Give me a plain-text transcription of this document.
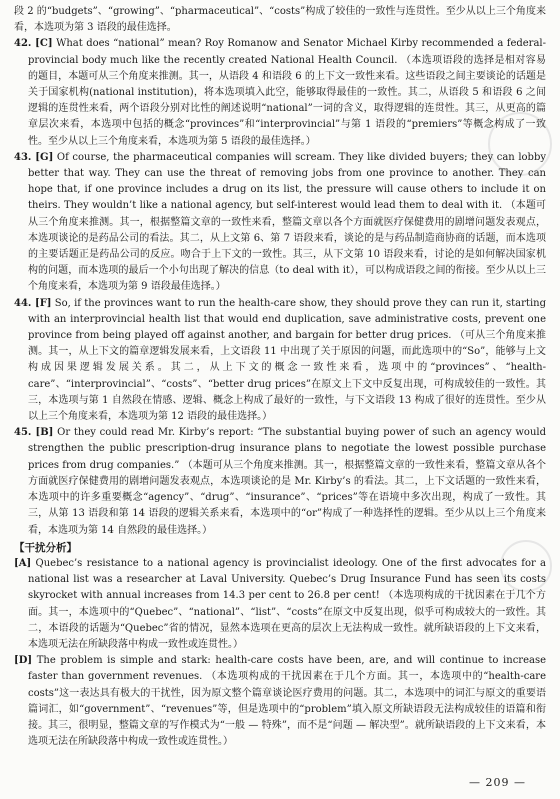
段 2 的“budgets”、“growing”、“pharmaceutical”、“costs”构成了较佳的一致性与连贯性。至少从以上三个角度来看，本选项为第 3 语段的最佳选择。

42. [C] What does “national” mean? Roy Romanow and Senator Michael Kirby recommended a federal-provincial body much like the recently created National Health Council. （本选项语段的选择是相对容易的题目，本题可从三个角度来推测。其一，从语段 4 和语段 6 的上下文一致性来看。这些语段之间主要谈论的话题是关于国家机构(national institution)，将本选项填入此空，能够取得最佳的一致性。其二，从语段 5 和语段 6 之间逻辑的连贯性来看，两个语段分别对比性的阐述说明“national”一词的含义，取得逻辑的连贯性。其三，从更高的篇章层次来看，本选项中包括的概念“provinces”和“interprovincial”与第 1 语段的“premiers”等概念构成了一致性。至少从以上三个角度来看，本选项为第 5 语段的最佳选择。）

43. [G] Of course, the pharmaceutical companies will scream. They like divided buyers; they can lobby better that way. They can use the threat of removing jobs from one province to another. They can hope that, if one province includes a drug on its list, the pressure will cause others to include it on theirs. They wouldn’t like a national agency, but self-interest would lead them to deal with it. （本题可从三个角度来推测。其一，根据整篇文章的一致性来看，整篇文章以各个方面就医疗保健费用的剧增问题发表观点，本选项谈论的是药品公司的看法。其二，从上文第 6、第 7 语段来看，谈论的是与药品制造商协商的话题，而本选项的主要话题正是药品公司的反应。吻合于上下文的一致性。其三，从下文第 10 语段来看，讨论的是如何解决国家机构的问题，而本选项的最后一个小句出现了解决的信息（to deal with it），可以构成语段之间的衔接。至少从以上三个角度来看，本选项为第 9 语段最佳选择。）

44. [F] So, if the provinces want to run the health-care show, they should prove they can run it, starting with an interprovincial health list that would end duplication, save administrative costs, prevent one province from being played off against another, and bargain for better drug prices. （可从三个角度来推测。其一，从上下文的篇章逻辑发展来看，上文语段 11 中出现了关于原因的问题，而此选项中的“So”，能够与上文构成因果逻辑发展关系。其二，从上下文的概念一致性来看，选项中的“provinces”、“health-care”、“interprovincial”、“costs”、“better drug prices”在原文上下文中反复出现，可构成较佳的一致性。其三，本选项与第 1 自然段在情感、逻辑、概念上构成了最好的一致性，与下文语段 13 构成了很好的连贯性。至少从以上三个角度来看，本选项为第 12 语段的最佳选择。）

45. [B] Or they could read Mr. Kirby’s report: “The substantial buying power of such an agency would strengthen the public prescription-drug insurance plans to negotiate the lowest possible purchase prices from drug companies.” （本题可从三个角度来推测。其一，根据整篇文章的一致性来看，整篇文章从各个方面就医疗保健费用的剧增问题发表观点，本选项谈论的是 Mr. Kirby’s 的看法。其二，上下文话题的一致性来看，本选项中的许多重要概念“agency”、“drug”、“insurance”、“prices”等在语境中多次出现，构成了一致性。其三，从第 13 语段和第 14 语段的逻辑关系来看，本选项中的“or”构成了一种选择性的逻辑。至少从以上三个角度来看，本选项为第 14 自然段的最佳选择。）

【干扰分析】

[A] Quebec’s resistance to a national agency is provincialist ideology. One of the first advocates for a national list was a researcher at Laval University. Quebec’s Drug Insurance Fund has seen its costs skyrocket with annual increases from 14.3 per cent to 26.8 per cent! （本选项构成的干扰因素在于几个方面。其一，本选项中的“Quebec”、“national”、“list”、“costs”在原文中反复出现，似乎可构成较大的一致性。其二，本语段的话题为“Quebec”省的情况，显然本选项在更高的层次上无法构成一致性。就所缺语段的上下文来看，本选项无法在所缺段落中构成一致性或连贯性。）

[D] The problem is simple and stark: health-care costs have been, are, and will continue to increase faster than government revenues. （本选项构成的干扰因素在于几个方面。其一，本选项中的“health-care costs”这一表达具有极大的干扰性，因为原文整个篇章谈论医疗费用的问题。其二，本选项中的词汇与原文的重要语篇词汇，如“government”、“revenues”等，但是选项中的“problem”填入原文所缺语段无法构成较佳的语篇和衔接。其三，很明显，整篇文章的写作模式为“一般 — 特殊”，而不是“问题 — 解决型”。就所缺语段的上下文来看，本选项无法在所缺段落中构成一致性或连贯性。）

— 209 —
